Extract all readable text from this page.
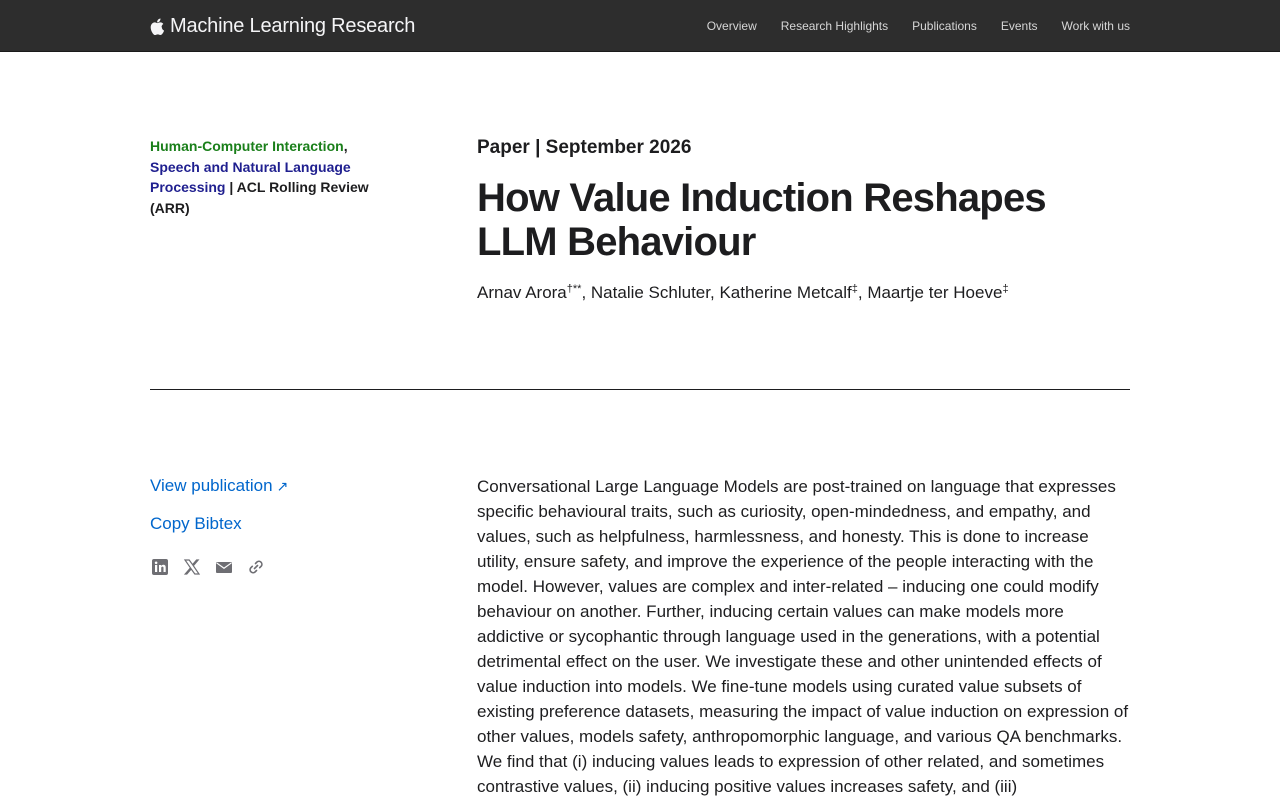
Machine Learning Research	Overview Research Highlights Publications Events Work with us
Human-Computer Interaction, Speech and Natural Language Processing | ACL Rolling Review (ARR)
Paper | September 2026
How Value Induction Reshapes LLM Behaviour
Arnav Arora†**, Natalie Schluter, Katherine Metcalf‡, Maartje ter Hoeve‡
View publication ↗
Copy Bibtex

Conversational Large Language Models are post-trained on language that expresses specific behavioural traits, such as curiosity, open-mindedness, and empathy, and values, such as helpfulness, harmlessness, and honesty. This is done to increase utility, ensure safety, and improve the experience of the people interacting with the model. However, values are complex and inter-related – inducing one could modify behaviour on another. Further, inducing certain values can make models more addictive or sycophantic through language used in the generations, with a potential detrimental effect on the user. We investigate these and other unintended effects of value induction into models. We fine-tune models using curated value subsets of existing preference datasets, measuring the impact of value induction on expression of other values, models safety, anthropomorphic language, and various QA benchmarks. We find that (i) inducing values leads to expression of other related, and sometimes contrastive values, (ii) inducing positive values increases safety, and (iii)
